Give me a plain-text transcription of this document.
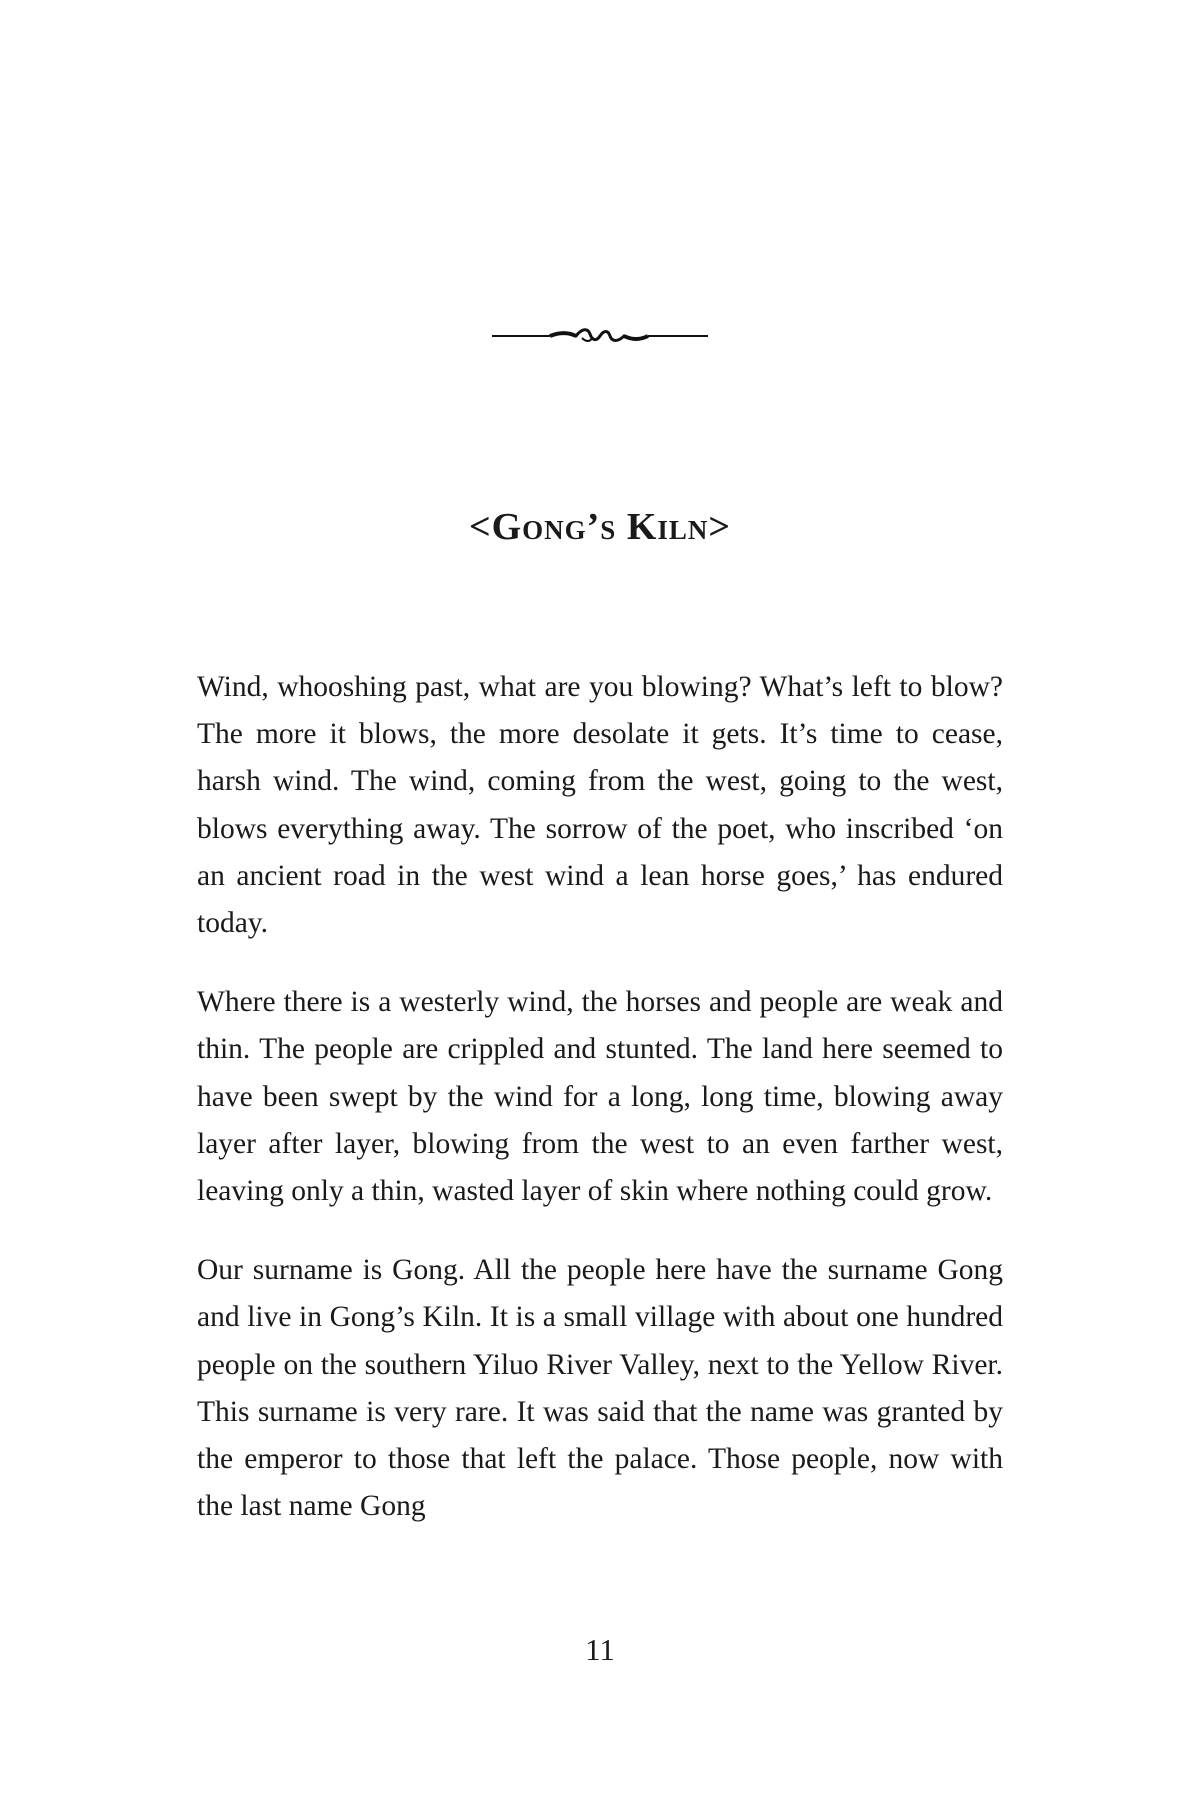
<Gong’s Kiln>

Wind, whooshing past, what are you blowing? What’s left to blow? The more it blows, the more desolate it gets. It’s time to cease, harsh wind. The wind, coming from the west, going to the west, blows everything away. The sorrow of the poet, who inscribed ‘on an ancient road in the west wind a lean horse goes,’ has endured today.

Where there is a westerly wind, the horses and people are weak and thin. The people are crippled and stunted. The land here seemed to have been swept by the wind for a long, long time, blowing away layer after layer, blowing from the west to an even farther west, leaving only a thin, wasted layer of skin where nothing could grow.

Our surname is Gong. All the people here have the surname Gong and live in Gong’s Kiln. It is a small village with about one hundred people on the southern Yiluo River Valley, next to the Yellow River. This surname is very rare. It was said that the name was granted by the emperor to those that left the palace. Those people, now with the last name Gong

11
